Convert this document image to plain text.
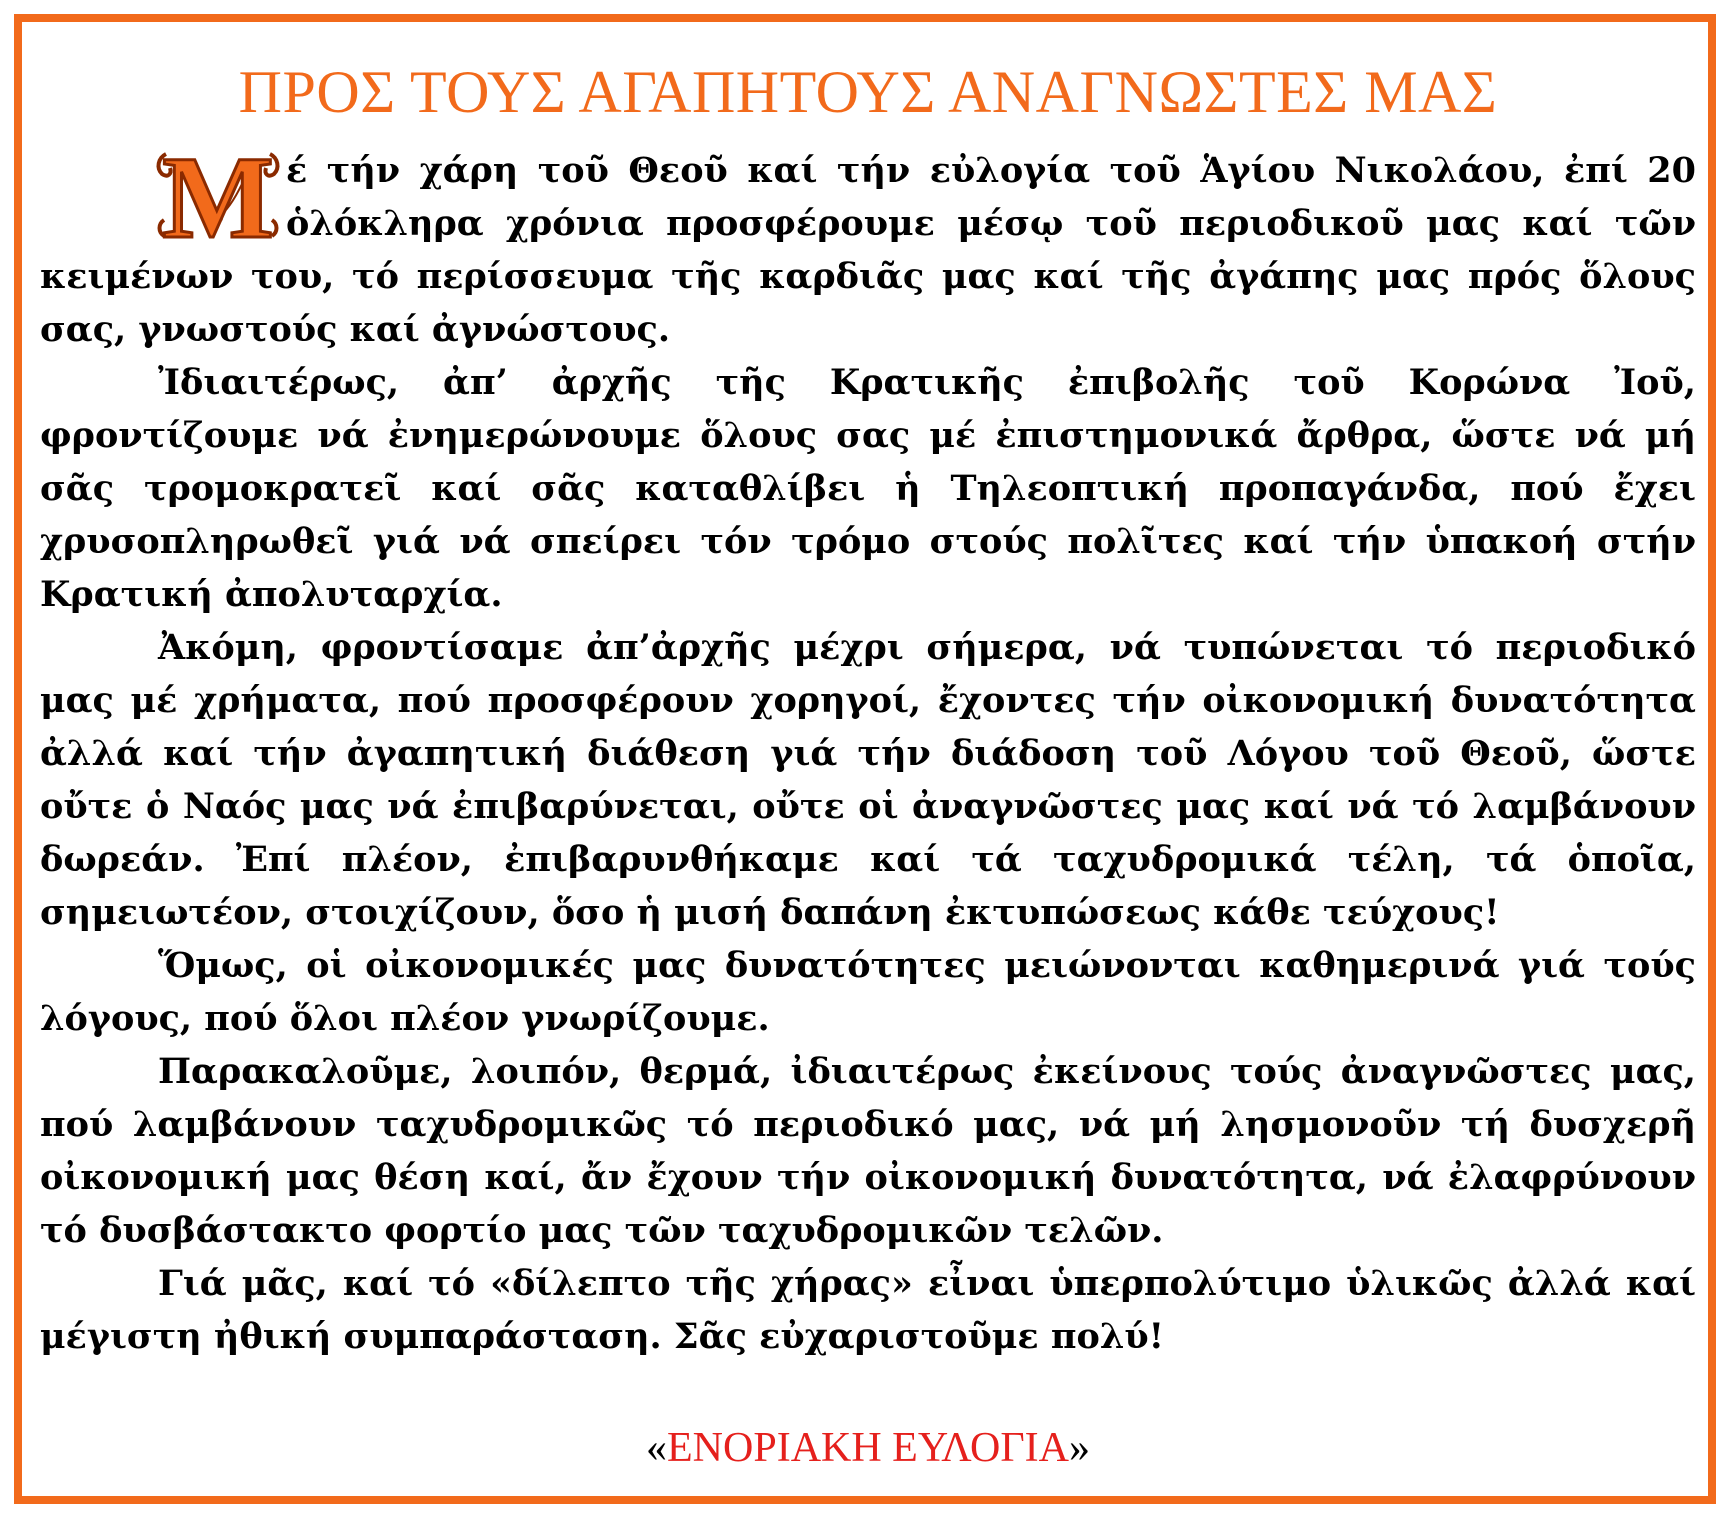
ΠΡΟΣ ΤΟΥΣ ΑΓΑΠΗΤΟΥΣ ΑΝΑΓΝΩΣΤΕΣ ΜΑΣ

Μ έ τήν χάρη τοῦ Θεοῦ καί τήν εὐλογία τοῦ Ἁγίου Νικολάου, ἐπί 20 ὁλόκληρα χρόνια προσφέρουμε μέσῳ τοῦ περιοδικοῦ μας καί τῶν κειμένων του, τό περίσσευμα τῆς καρδιᾶς μας καί τῆς ἀγάπης μας πρός ὅλους σας, γνωστούς καί ἀγνώστους.

Ἰδιαιτέρως, ἀπ’ ἀρχῆς τῆς Κρατικῆς ἐπιβολῆς τοῦ Κορώνα Ἰοῦ, φροντίζουμε νά ἐνημερώνουμε ὅλους σας μέ ἐπιστημονικά ἄρθρα, ὥστε νά μή σᾶς τρομοκρατεῖ καί σᾶς καταθλίβει ἡ Τηλεοπτική προπαγάνδα, πού ἔχει χρυσοπληρωθεῖ γιά νά σπείρει τόν τρόμο στούς πολῖτες καί τήν ὑπακοή στήν Κρατική ἀπολυταρχία.

Ἀκόμη, φροντίσαμε ἀπ’ἀρχῆς μέχρι σήμερα, νά τυπώνεται τό περιοδικό μας μέ χρήματα, πού προσφέρουν χορηγοί, ἔχοντες τήν οἰκονομική δυνατότητα ἀλλά καί τήν ἀγαπητική διάθεση γιά τήν διάδοση τοῦ Λόγου τοῦ Θεοῦ, ὥστε οὔτε ὁ Ναός μας νά ἐπιβαρύνεται, οὔτε οἱ ἀναγνῶστες μας καί νά τό λαμβάνουν δωρεάν. Ἐπί πλέον, ἐπιβαρυνθήκαμε καί τά ταχυδρομικά τέλη, τά ὁποῖα, σημειωτέον, στοιχίζουν, ὅσο ἡ μισή δαπάνη ἐκτυπώσεως κάθε τεύχους!

Ὅμως, οἱ οἰκονομικές μας δυνατότητες μειώνονται καθημερινά γιά τούς λόγους, πού ὅλοι πλέον γνωρίζουμε.

Παρακαλοῦμε, λοιπόν, θερμά, ἰδιαιτέρως ἐκείνους τούς ἀναγνῶστες μας, πού λαμβάνουν ταχυδρομικῶς τό περιοδικό μας, νά μή λησμονοῦν τή δυσχερῆ οἰκονομική μας θέση καί, ἄν ἔχουν τήν οἰκονομική δυνατότητα, νά ἐλαφρύνουν τό δυσβάστακτο φορτίο μας τῶν ταχυδρομικῶν τελῶν.

Γιά μᾶς, καί τό «δίλεπτο τῆς χήρας» εἶναι ὑπερπολύτιμο ὑλικῶς ἀλλά καί μέγιστη ἠθική συμπαράσταση. Σᾶς εὐχαριστοῦμε πολύ!

«ΕΝΟΡΙΑΚΗ ΕΥΛΟΓΙΑ»
